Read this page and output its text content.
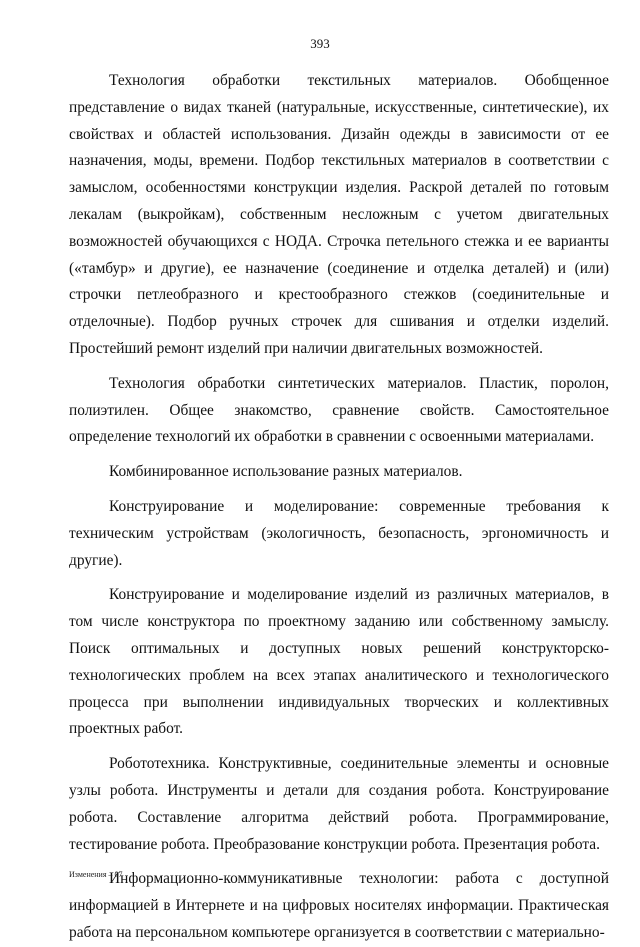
393

Технология обработки текстильных материалов. Обобщенное представление о видах тканей (натуральные, искусственные, синтетические), их свойствах и областей использования. Дизайн одежды в зависимости от ее назначения, моды, времени. Подбор текстильных материалов в соответствии с замыслом, особенностями конструкции изделия. Раскрой деталей по готовым лекалам (выкройкам), собственным несложным с учетом двигательных возможностей обучающихся с НОДА. Строчка петельного стежка и ее варианты («тамбур» и другие), ее назначение (соединение и отделка деталей) и (или) строчки петлеобразного и крестообразного стежков (соединительные и отделочные). Подбор ручных строчек для сшивания и отделки изделий. Простейший ремонт изделий при наличии двигательных возможностей.

Технология обработки синтетических материалов. Пластик, поролон, полиэтилен. Общее знакомство, сравнение свойств. Самостоятельное определение технологий их обработки в сравнении с освоенными материалами.

Комбинированное использование разных материалов.

Конструирование и моделирование: современные требования к техническим устройствам (экологичность, безопасность, эргономичность и другие).

Конструирование и моделирование изделий из различных материалов, в том числе конструктора по проектному заданию или собственному замыслу. Поиск оптимальных и доступных новых решений конструкторско-технологических проблем на всех этапах аналитического и технологического процесса при выполнении индивидуальных творческих и коллективных проектных работ.

Робототехника. Конструктивные, соединительные элементы и основные узлы робота. Инструменты и детали для создания робота. Конструирование робота. Составление алгоритма действий робота. Программирование, тестирование робота. Преобразование конструкции робота. Презентация робота.

Информационно-коммуникативные технологии: работа с доступной информацией в Интернете и на цифровых носителях информации. Практическая работа на персональном компьютере организуется в соответствии с материально-

Изменения – 07
